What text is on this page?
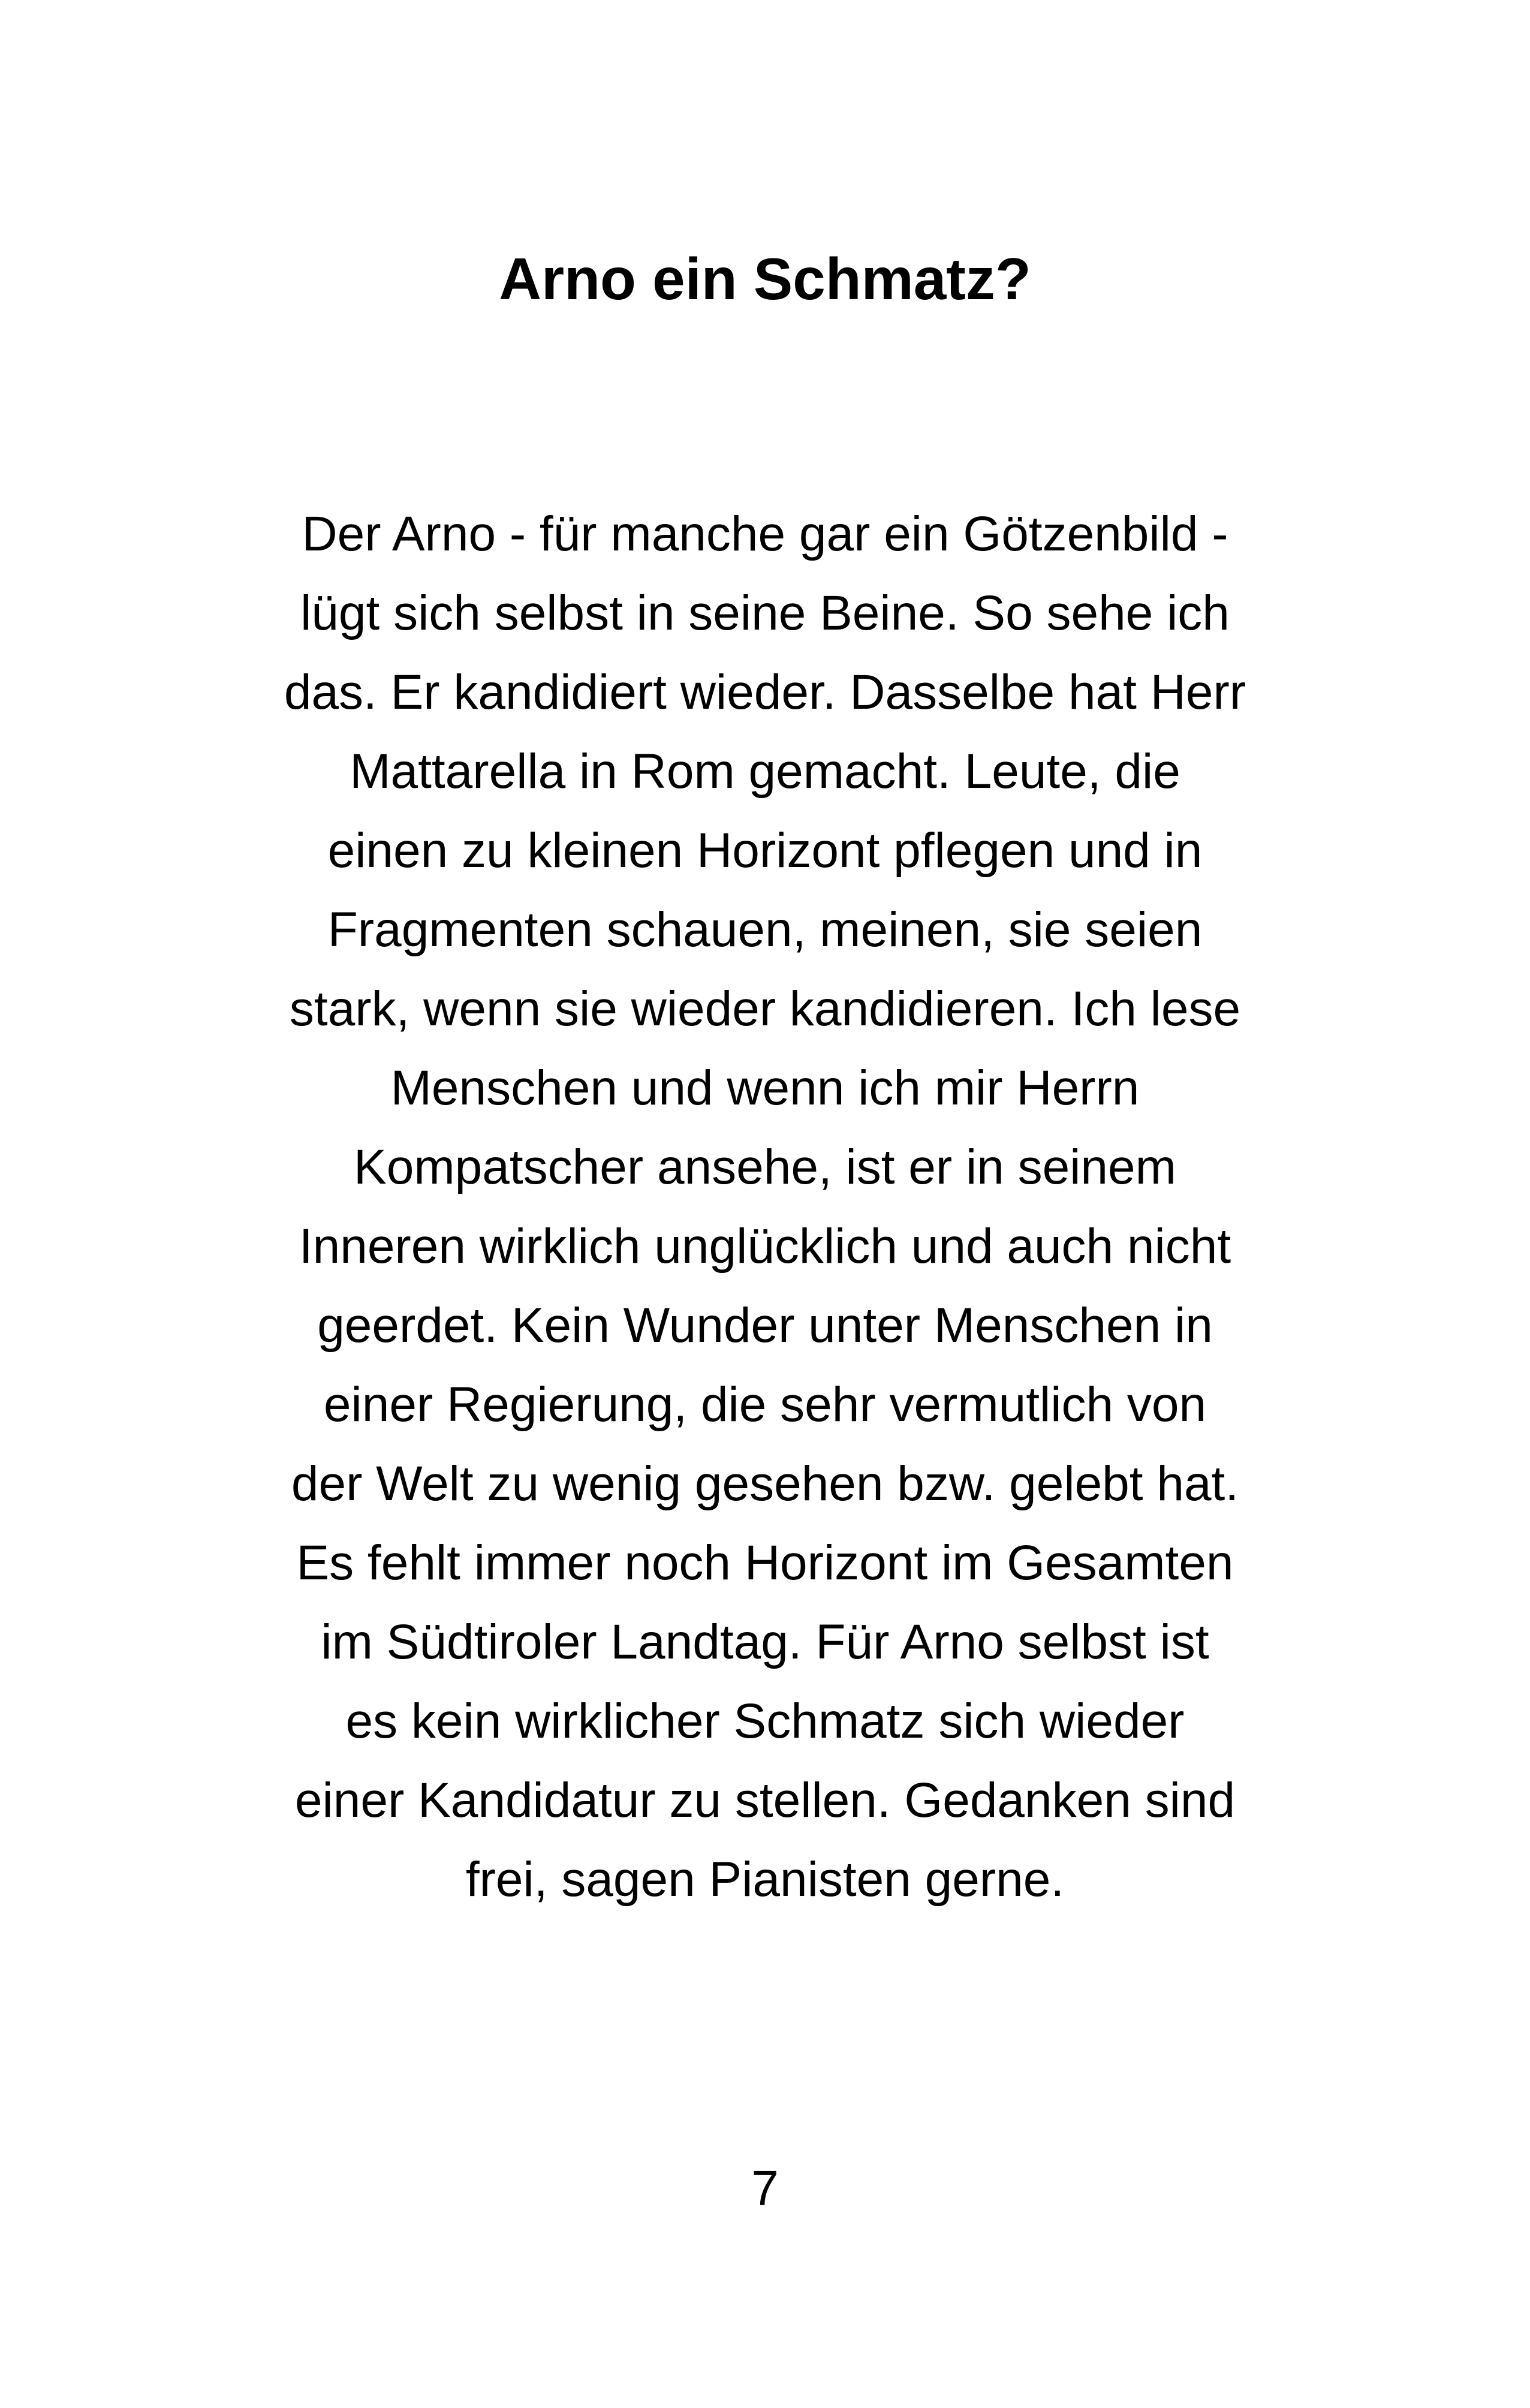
Arno ein Schmatz?
Der Arno - für manche gar ein Götzenbild -
lügt sich selbst in seine Beine. So sehe ich
das. Er kandidiert wieder. Dasselbe hat Herr
Mattarella in Rom gemacht. Leute, die
einen zu kleinen Horizont pflegen und in
Fragmenten schauen, meinen, sie seien
stark, wenn sie wieder kandidieren. Ich lese
Menschen und wenn ich mir Herrn
Kompatscher ansehe, ist er in seinem
Inneren wirklich unglücklich und auch nicht
geerdet. Kein Wunder unter Menschen in
einer Regierung, die sehr vermutlich von
der Welt zu wenig gesehen bzw. gelebt hat.
Es fehlt immer noch Horizont im Gesamten
im Südtiroler Landtag. Für Arno selbst ist
es kein wirklicher Schmatz sich wieder
einer Kandidatur zu stellen. Gedanken sind
frei, sagen Pianisten gerne.
7
